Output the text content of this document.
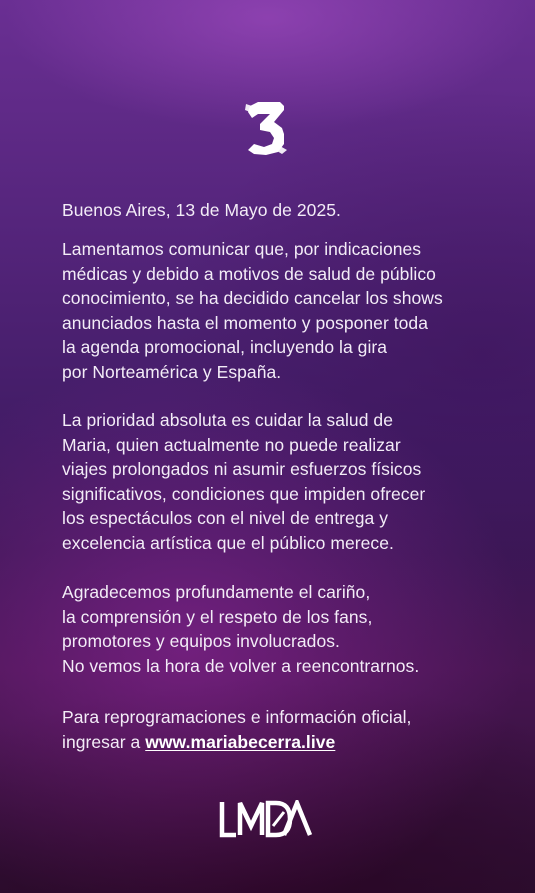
Buenos Aires, 13 de Mayo de 2025.

Lamentamos comunicar que, por indicaciones
médicas y debido a motivos de salud de público
conocimiento, se ha decidido cancelar los shows
anunciados hasta el momento y posponer toda
la agenda promocional, incluyendo la gira
por Norteamérica y España.

La prioridad absoluta es cuidar la salud de
Maria, quien actualmente no puede realizar
viajes prolongados ni asumir esfuerzos físicos
significativos, condiciones que impiden ofrecer
los espectáculos con el nivel de entrega y
excelencia artística que el público merece.

Agradecemos profundamente el cariño,
la comprensión y el respeto de los fans,
promotores y equipos involucrados.
No vemos la hora de volver a reencontrarnos.

Para reprogramaciones e información oficial,
ingresar a www.mariabecerra.live
